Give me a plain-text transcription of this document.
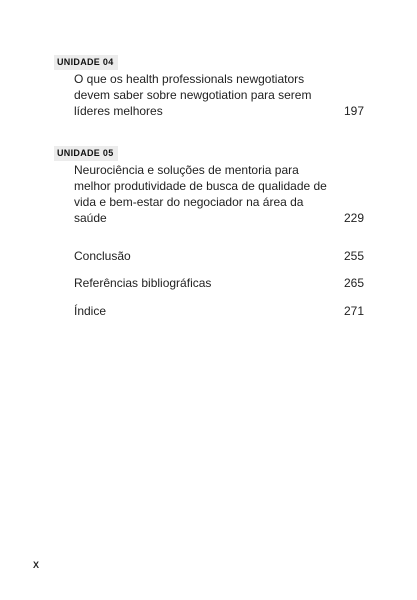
UNIDADE 04
O que os health professionals newgotiators
devem saber sobre newgotiation para serem
líderes melhores	197
UNIDADE 05
Neurociência e soluções de mentoria para
melhor produtividade de busca de qualidade de
vida e bem-estar do negociador na área da saúde	229
Conclusão	255
Referências bibliográficas	265
Índice	271
X
